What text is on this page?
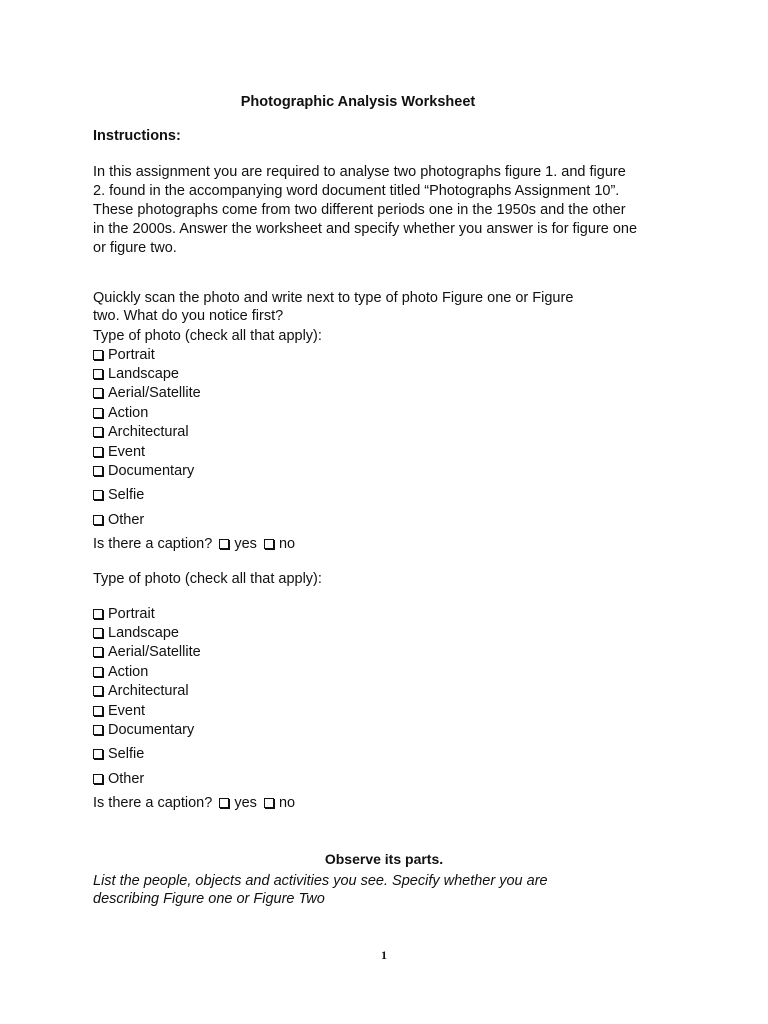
Photographic Analysis Worksheet
Instructions:
In this assignment you are required to analyse two photographs figure 1. and figure
2. found in the accompanying word document titled “Photographs Assignment 10”.
These photographs come from two different periods one in the 1950s and the other
in the 2000s. Answer the worksheet and specify whether you answer is for figure one
or figure two.
Quickly scan the photo and write next to type of photo Figure one or Figure
two. What do you notice first?
Type of photo (check all that apply):
Portrait
Landscape
Aerial/Satellite
Action
Architectural
Event
Documentary
Selfie
Other
Is there a caption? yes no
Type of photo (check all that apply):
Portrait
Landscape
Aerial/Satellite
Action
Architectural
Event
Documentary
Selfie
Other
Is there a caption? yes no
Observe its parts.
List the people, objects and activities you see. Specify whether you are
describing Figure one or Figure Two
1
